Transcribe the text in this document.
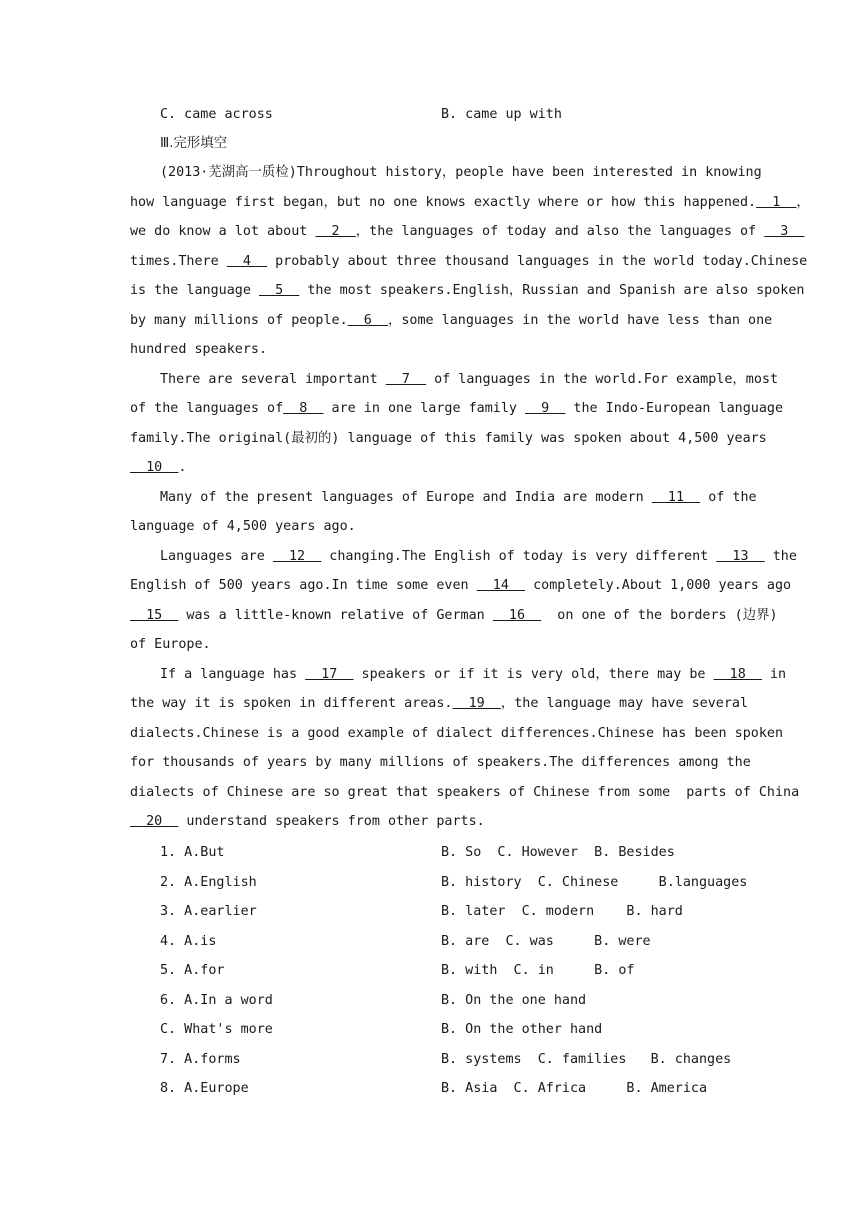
C. came across	B. came up with
Ⅲ.完形填空
(2013·芜湖高一质检)Throughout history，people have been interested in knowing
how language first began，but no one knows exactly where or how this happened.  1  ，
we do know a lot about   2  ，the languages of today and also the languages of   3
times.There   4   probably about three thousand languages in the world today.Chinese
is the language   5   the most speakers.English，Russian and Spanish are also spoken
by many millions of people.  6  ，some languages in the world have less than one
hundred speakers.
There are several important   7   of languages in the world.For example，most
of the languages of  8   are in one large family   9   the Indo-European language
family.The original(最初的) language of this family was spoken about 4,500 years
10  .
Many of the present languages of Europe and India are modern   11   of the
language of 4,500 years ago.
Languages are   12   changing.The English of today is very different   13   the
English of 500 years ago.In time some even   14   completely.About 1,000 years ago
15   was a little-known relative of German   16    on one of the borders (边界)
of Europe.
If a language has   17   speakers or if it is very old，there may be   18   in
the way it is spoken in different areas.  19  ，the language may have several
dialects.Chinese is a good example of dialect differences.Chinese has been spoken
for thousands of years by many millions of speakers.The differences among the
dialects of Chinese are so great that speakers of Chinese from some  parts of China
20   understand speakers from other parts.
1. A.But	B. So  C. However  B. Besides
2. A.English	B. history  C. Chinese     B.languages
3. A.earlier	B. later  C. modern    B. hard
4. A.is	B. are  C. was     B. were
5. A.for	B. with  C. in     B. of
6. A.In a word	B. On the one hand
C. What's more	B. On the other hand
7. A.forms	B. systems  C. families   B. changes
8. A.Europe	B. Asia  C. Africa     B. America
